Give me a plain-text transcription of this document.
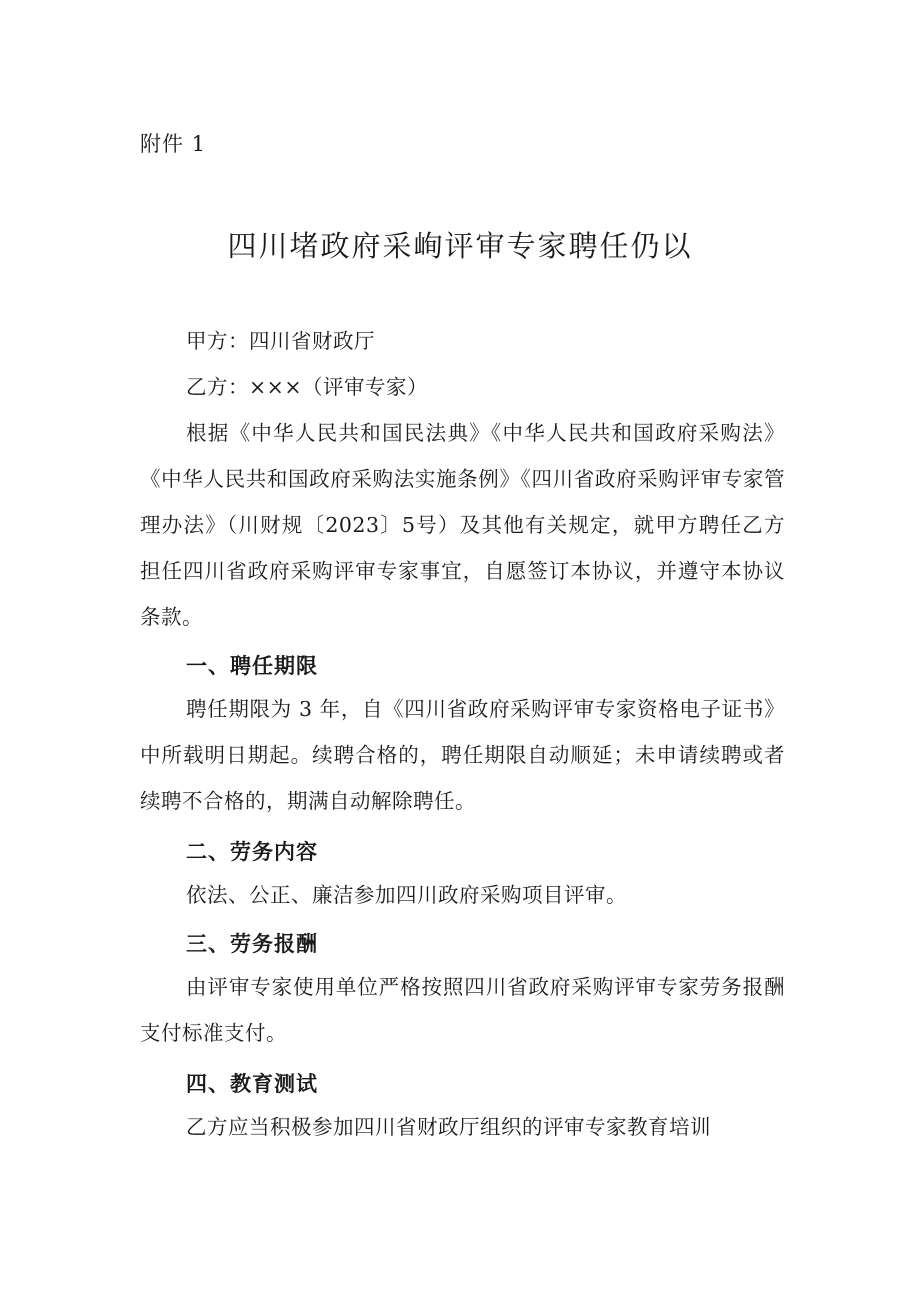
附件 1
四川堵政府采峋评审专家聘任仍以
甲方：四川省财政厅
乙方：×××（评审专家）
根据《中华人民共和国民法典》《中华人民共和国政府采购法》《中华人民共和国政府采购法实施条例》《四川省政府采购评审专家管理办法》（川财规〔2023〕5号）及其他有关规定，就甲方聘任乙方担任四川省政府采购评审专家事宜，自愿签订本协议，并遵守本协议条款。
一、聘任期限
聘任期限为 3 年，自《四川省政府采购评审专家资格电子证书》中所载明日期起。续聘合格的，聘任期限自动顺延；未申请续聘或者续聘不合格的，期满自动解除聘任。
二、劳务内容
依法、公正、廉洁参加四川政府采购项目评审。
三、劳务报酬
由评审专家使用单位严格按照四川省政府采购评审专家劳务报酬支付标准支付。
四、教育测试
乙方应当积极参加四川省财政厅组织的评审专家教育培训
